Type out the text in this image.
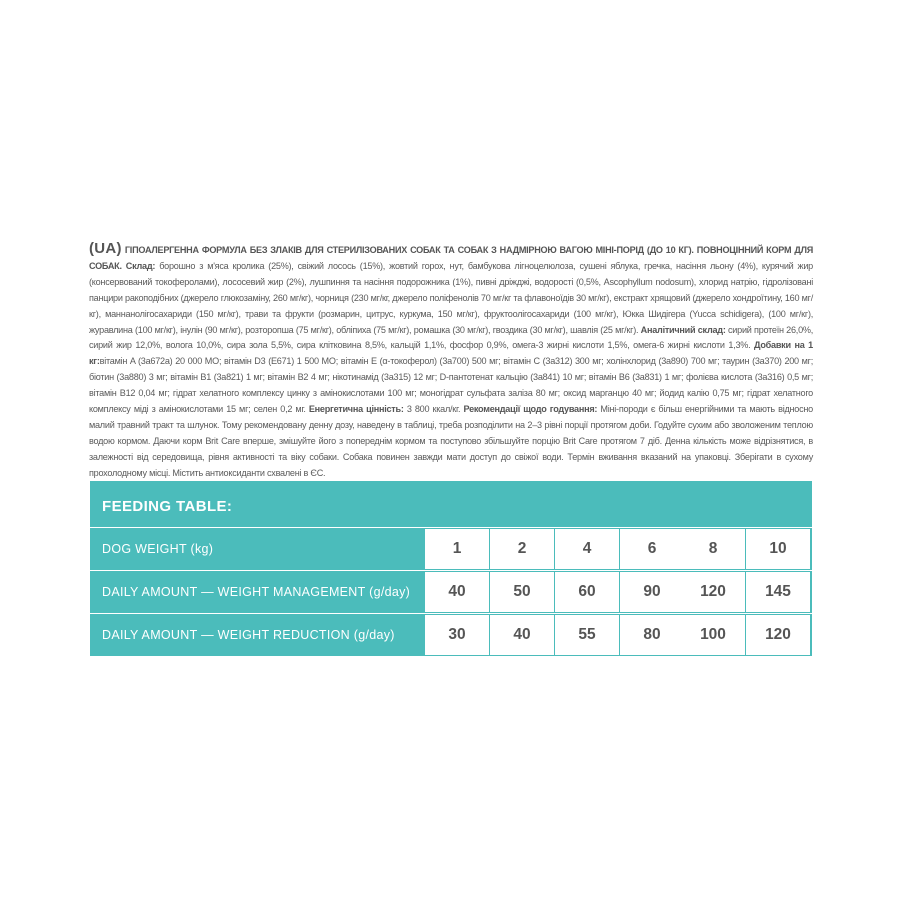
(UA) ГІПОАЛЕРГЕННА ФОРМУЛА БЕЗ ЗЛАКІВ ДЛЯ СТЕРИЛІЗОВАНИХ СОБАК ТА СОБАК З НАДМІРНОЮ ВАГОЮ МІНІ-ПОРІД (ДО 10 КГ). ПОВНОЦІННИЙ КОРМ ДЛЯ СОБАК. Склад: борошно з м'яса кролика (25%), свіжий лосось (15%), жовтий горох, нут, бамбукова лігноцелюлоза, сушені яблука, гречка, насіння льону (4%), курячий жир (консервований токоферолами), лососевий жир (2%), лушпиння та насіння подорожника (1%), пивні дріжджі, водорості (0,5%, Ascophyllum nodosum), хлорид натрію, гідролізовані панцири ракоподібних (джерело глюкозаміну, 260 мг/кг), чорниця (230 мг/кг, джерело поліфенолів 70 мг/кг та флавоноїдів 30 мг/кг), екстракт хрящовий (джерело хондроїтину, 160 мг/кг), маннанолігосахариди (150 мг/кг), трави та фрукти (розмарин, цитрус, куркума, 150 мг/кг), фруктоолігосахариди (100 мг/кг), Юкка Шидігера (Yucca schidigera), (100 мг/кг), журавлина (100 мг/кг), інулін (90 мг/кг), розторопша (75 мг/кг), обліпиха (75 мг/кг), ромашка (30 мг/кг), гвоздика (30 мг/кг), шавлія (25 мг/кг). Аналітичний склад: сирий протеїн 26,0%, сирий жир 12,0%, волога 10,0%, сира зола 5,5%, сира клітковина 8,5%, кальцій 1,1%, фосфор 0,9%, омега-3 жирні кислоти 1,5%, омега-6 жирні кислоти 1,3%. Добавки на 1 кг:вітамін A (3a672a) 20 000 МО; вітамін D3 (E671) 1 500 МО; вітамін E (α-токоферол) (3a700) 500 мг; вітамін C (3a312) 300 мг; холінхлорид (3a890) 700 мг; таурин (3a370) 200 мг; біотин (3a880) 3 мг; вітамін B1 (3a821) 1 мг; вітамін B2 4 мг; нікотинамід (3a315) 12 мг; D-пантотенат кальцію (3a841) 10 мг; вітамін B6 (3a831) 1 мг; фолієва кислота (3a316) 0,5 мг; вітамін B12 0,04 мг; гідрат хелатного комплексу цинку з амінокислотами 100 мг; моногідрат сульфата заліза 80 мг; оксид марганцю 40 мг; йодид калію 0,75 мг; гідрат хелатного комплексу міді з амінокислотами 15 мг; селен 0,2 мг. Енергетична цінність: 3 800 ккал/кг. Рекомендації щодо годування: Міні-породи є більш енергійними та мають відносно малий травний тракт та шлунок. Тому рекомендовану денну дозу, наведену в таблиці, треба розподілити на 2–3 рівні порції протягом доби. Годуйте сухим або зволоженим теплою водою кормом. Даючи корм Brit Care вперше, змішуйте його з попереднім кормом та поступово збільшуйте порцію Brit Care протягом 7 діб. Денна кількість може відрізнятися, в залежності від середовища, рівня активності та віку собаки. Собака повинен завжди мати доступ до свіжої води. Термін вживання вказаний на упаковці. Зберігати в сухому прохолодному місці. Містить антиоксиданти схвалені в ЄС.
FEEDING TABLE:
DOG WEIGHT (kg)	1	2	4	6	8	10
DAILY AMOUNT — WEIGHT MANAGEMENT (g/day)	40	50	60	90	120	145
DAILY AMOUNT — WEIGHT REDUCTION (g/day)	30	40	55	80	100	120
